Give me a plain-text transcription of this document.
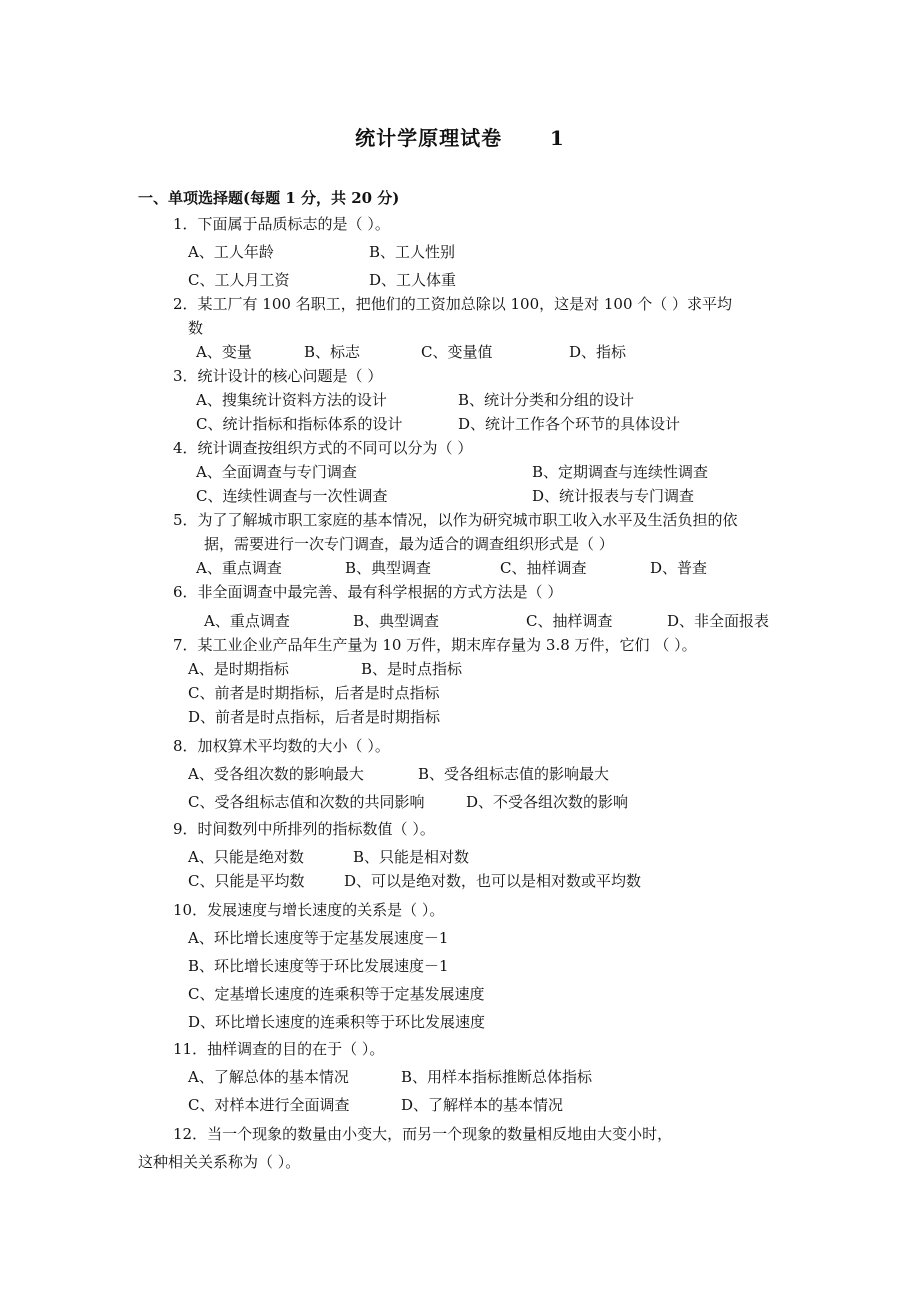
统计学原理试卷      1
一、单项选择题(每题 1 分，共 20 分)
1．下面属于品质标志的是（ ）。
A、工人年龄	B、工人性别
C、工人月工资	D、工人体重
2．某工厂有 100 名职工，把他们的工资加总除以 100，这是对 100 个（ ）求平均
数
A、变量	B、标志	C、变量值	D、指标
3．统计设计的核心问题是（ ）
A、搜集统计资料方法的设计	B、统计分类和分组的设计
C、统计指标和指标体系的设计	D、统计工作各个环节的具体设计
4．统计调查按组织方式的不同可以分为（ ）
A、全面调查与专门调查	B、定期调查与连续性调查
C、连续性调查与一次性调查	D、统计报表与专门调查
5．为了了解城市职工家庭的基本情况，以作为研究城市职工收入水平及生活负担的依
据，需要进行一次专门调查，最为适合的调查组织形式是（ ）
A、重点调查	B、典型调查	C、抽样调查	D、普查
6．非全面调查中最完善、最有科学根据的方式方法是（ ）
A、重点调查	B、典型调查	C、抽样调查	D、非全面报表
7．某工业企业产品年生产量为 10 万件，期末库存量为 3.8 万件，它们 （ ）。
A、是时期指标	B、是时点指标
C、前者是时期指标，后者是时点指标
D、前者是时点指标，后者是时期指标
8．加权算术平均数的大小（ ）。
A、受各组次数的影响最大	B、受各组标志值的影响最大
C、受各组标志值和次数的共同影响	D、不受各组次数的影响
9．时间数列中所排列的指标数值（ ）。
A、只能是绝对数	B、只能是相对数
C、只能是平均数	D、可以是绝对数，也可以是相对数或平均数
10．发展速度与增长速度的关系是（ ）。
A、环比增长速度等于定基发展速度－1
B、环比增长速度等于环比发展速度－1
C、定基增长速度的连乘积等于定基发展速度
D、环比增长速度的连乘积等于环比发展速度
11．抽样调查的目的在于（ ）。
A、了解总体的基本情况	B、用样本指标推断总体指标
C、对样本进行全面调查	D、了解样本的基本情况
12．当一个现象的数量由小变大，而另一个现象的数量相反地由大变小时，
这种相关关系称为（ ）。
